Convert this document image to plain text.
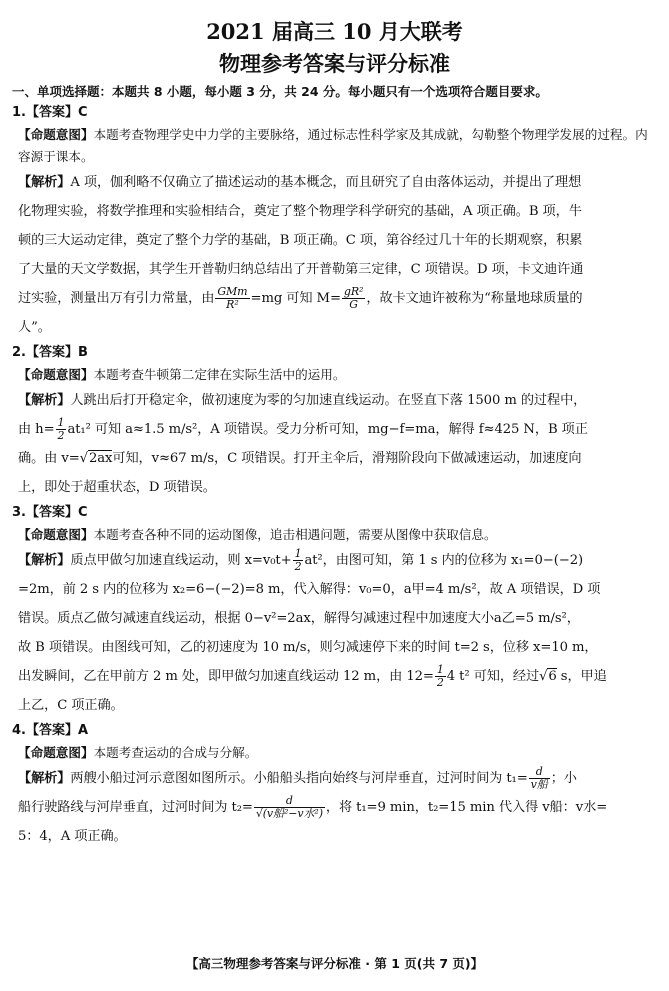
2021 届高三 10 月大联考
物理参考答案与评分标准
一、单项选择题：本题共 8 小题，每小题 3 分，共 24 分。每小题只有一个选项符合题目要求。
1.【答案】C
【命题意图】本题考查物理学史中力学的主要脉络，通过标志性科学家及其成就，勾勒整个物理学发展的过程。内容源于课本。
【解析】A 项，伽利略不仅确立了描述运动的基本概念，而且研究了自由落体运动，并提出了理想
化物理实验，将数学推理和实验相结合，奠定了整个物理学科学研究的基础，A 项正确。B 项，牛
顿的三大运动定律，奠定了整个力学的基础，B 项正确。C 项，第谷经过几十年的长期观察，积累
了大量的天文学数据，其学生开普勒归纳总结出了开普勒第三定律，C 项错误。D 项，卡文迪许通
过实验，测量出万有引力常量，由 $\frac{\text{GMm}}{\text{R²}} =mg$ 可知 $M= \frac{\text{gR²}}{G}$ ，故卡文迪许被称为“称量地球质量的
人”。
2.【答案】B
【命题意图】本题考查牛顿第二定律在实际生活中的运用。
【解析】人跳出后打开稳定伞，做初速度为零的匀加速直线运动。在竖直下落 1500 m 的过程中，
由 $h= \frac{1}{2} at_1^2$ 可知 a≈1.5 m/s²，A 项错误。受力分析可知，mg−f=ma，解得 f≈425 N，B 项正
确。由 v=√2ax可知，v≈67 m/s，C 项错误。打开主伞后，滑翔阶段向下做减速运动，加速度向
上，即处于超重状态，D 项错误。
3.【答案】C
【命题意图】本题考查各种不同的运动图像，追击相遇问题，需要从图像中获取信息。
【解析】质点甲做匀加速直线运动，则 $x=v_0t+ \frac{1}{2} at^2$，由图可知，第 1 s 内的位移为 x₁=0−(−2)
=2m，前 2 s 内的位移为 x₂=6−(−2)=8 m，代入解得：v₀=0，a甲=4 m/s²，故 A 项错误，D 项
错误。质点乙做匀减速直线运动，根据 0−v²=2ax，解得匀减速过程中加速度大小a乙=5 m/s²，
故 B 项错误。由图线可知，乙的初速度为 10 m/s，则匀减速停下来的时间 t=2 s，位移 x=10 m，
出发瞬间，乙在甲前方 2 m 处，即甲做匀加速直线运动 12 m，由 $12= \frac{1}{2} 4$ t² 可知，经过√6 s，甲追
上乙，C 项正确。
4.【答案】A
【命题意图】本题考查运动的合成与分解。
【解析】两艘小船过河示意图如图所示。小船船头指向始终与河岸垂直，过河时间为 $t_1= \frac{d}{\text{v船}}$ ；小
船行驶路线与河岸垂直，过河时间为 $t_2= \frac{d}{\text{√(v船²−v水²)}}$ ，将 t₁=9 min，t₂=15 min 代入得 v船：v水=
5：4，A 项正确。
【高三物理参考答案与评分标准 · 第 1 页(共 7 页)】
